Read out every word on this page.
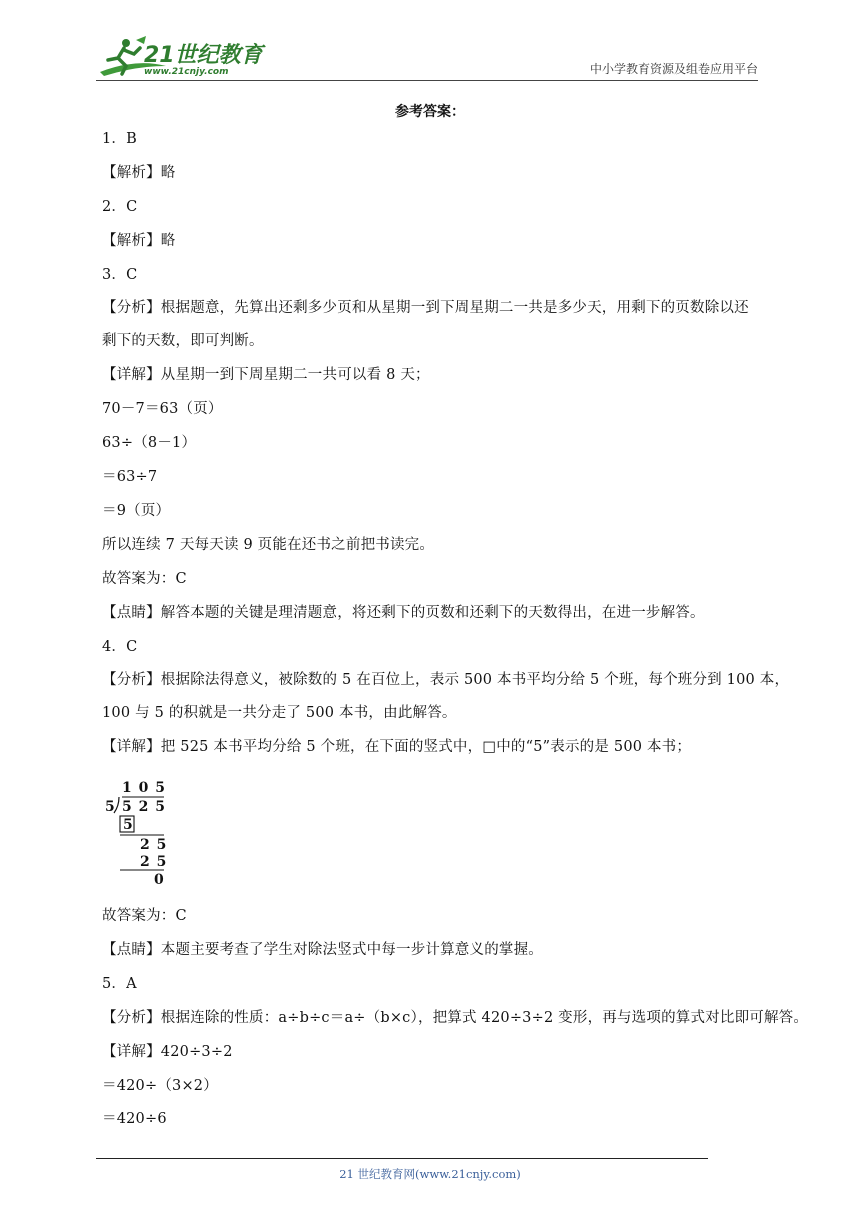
21世纪教育
www.21cnjy.com	中小学教育资源及组卷应用平台
参考答案：
1．B
【解析】略
2．C
【解析】略
3．C
【分析】根据题意，先算出还剩多少页和从星期一到下周星期二一共是多少天，用剩下的页数除以还
剩下的天数，即可判断。
【详解】从星期一到下周星期二一共可以看 8 天；
70－7＝63（页）
63÷（8－1）
＝63÷7
＝9（页）
所以连续 7 天每天读 9 页能在还书之前把书读完。
故答案为：C
【点睛】解答本题的关键是理清题意，将还剩下的页数和还剩下的天数得出，在进一步解答。
4．C
【分析】根据除法得意义，被除数的 5 在百位上，表示 500 本书平均分给 5 个班，每个班分到 100 本，
100 与 5 的积就是一共分走了 500 本书，由此解答。
【详解】把 525 本书平均分给 5 个班，在下面的竖式中，□中的“5”表示的是 500 本书；
1 0 5
5 5 2 5
5
2 5
2 5
0
故答案为：C
【点睛】本题主要考查了学生对除法竖式中每一步计算意义的掌握。
5．A
【分析】根据连除的性质：a÷b÷c＝a÷（b×c），把算式 420÷3÷2 变形，再与选项的算式对比即可解答。
【详解】420÷3÷2
＝420÷（3×2）
＝420÷6
21 世纪教育网(www.21cnjy.com)
